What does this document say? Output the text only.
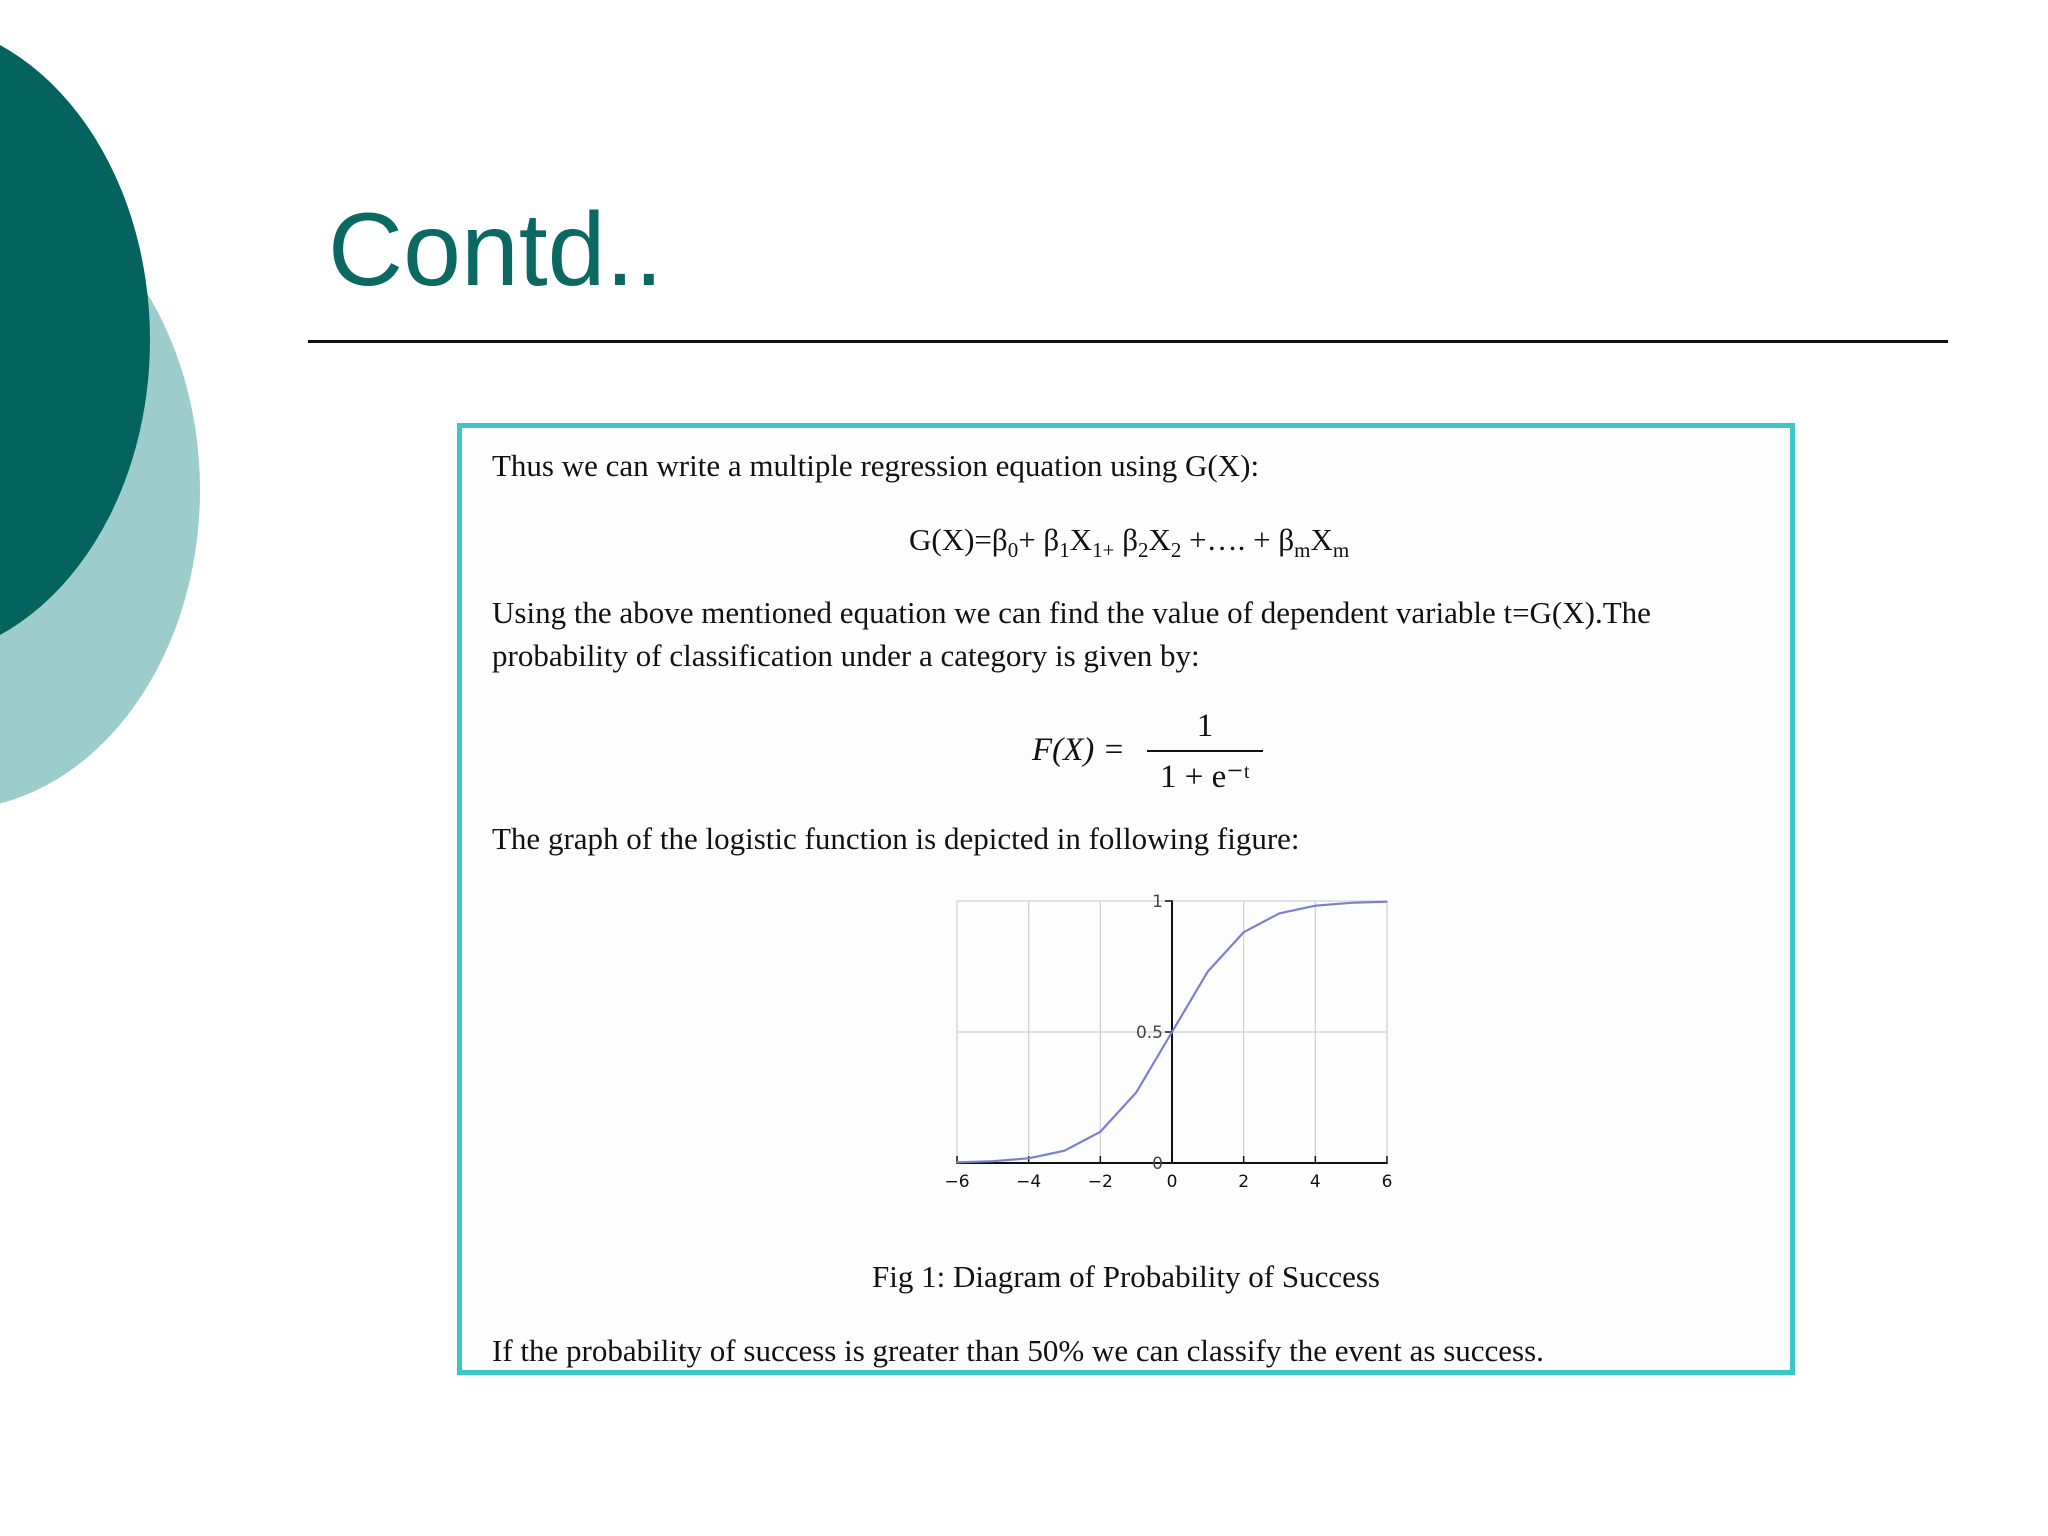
Contd..
Thus we can write a multiple regression equation using G(X):
$G(X)=\beta_0+ \beta_1X_{1+}$ $\beta_2X_2$ +…. + $\beta_mX_m$
Using the above mentioned equation we can find the value of dependent variable t=G(X).The
probability of classification under a category is given by:
F(X) =
1
1 + e⁻ᵗ
The graph of the logistic function is depicted in following figure:
−6	−4	−2	0	2	4	6
0
0.5
1
Fig 1: Diagram of Probability of Success
If the probability of success is greater than 50% we can classify the event as success.
